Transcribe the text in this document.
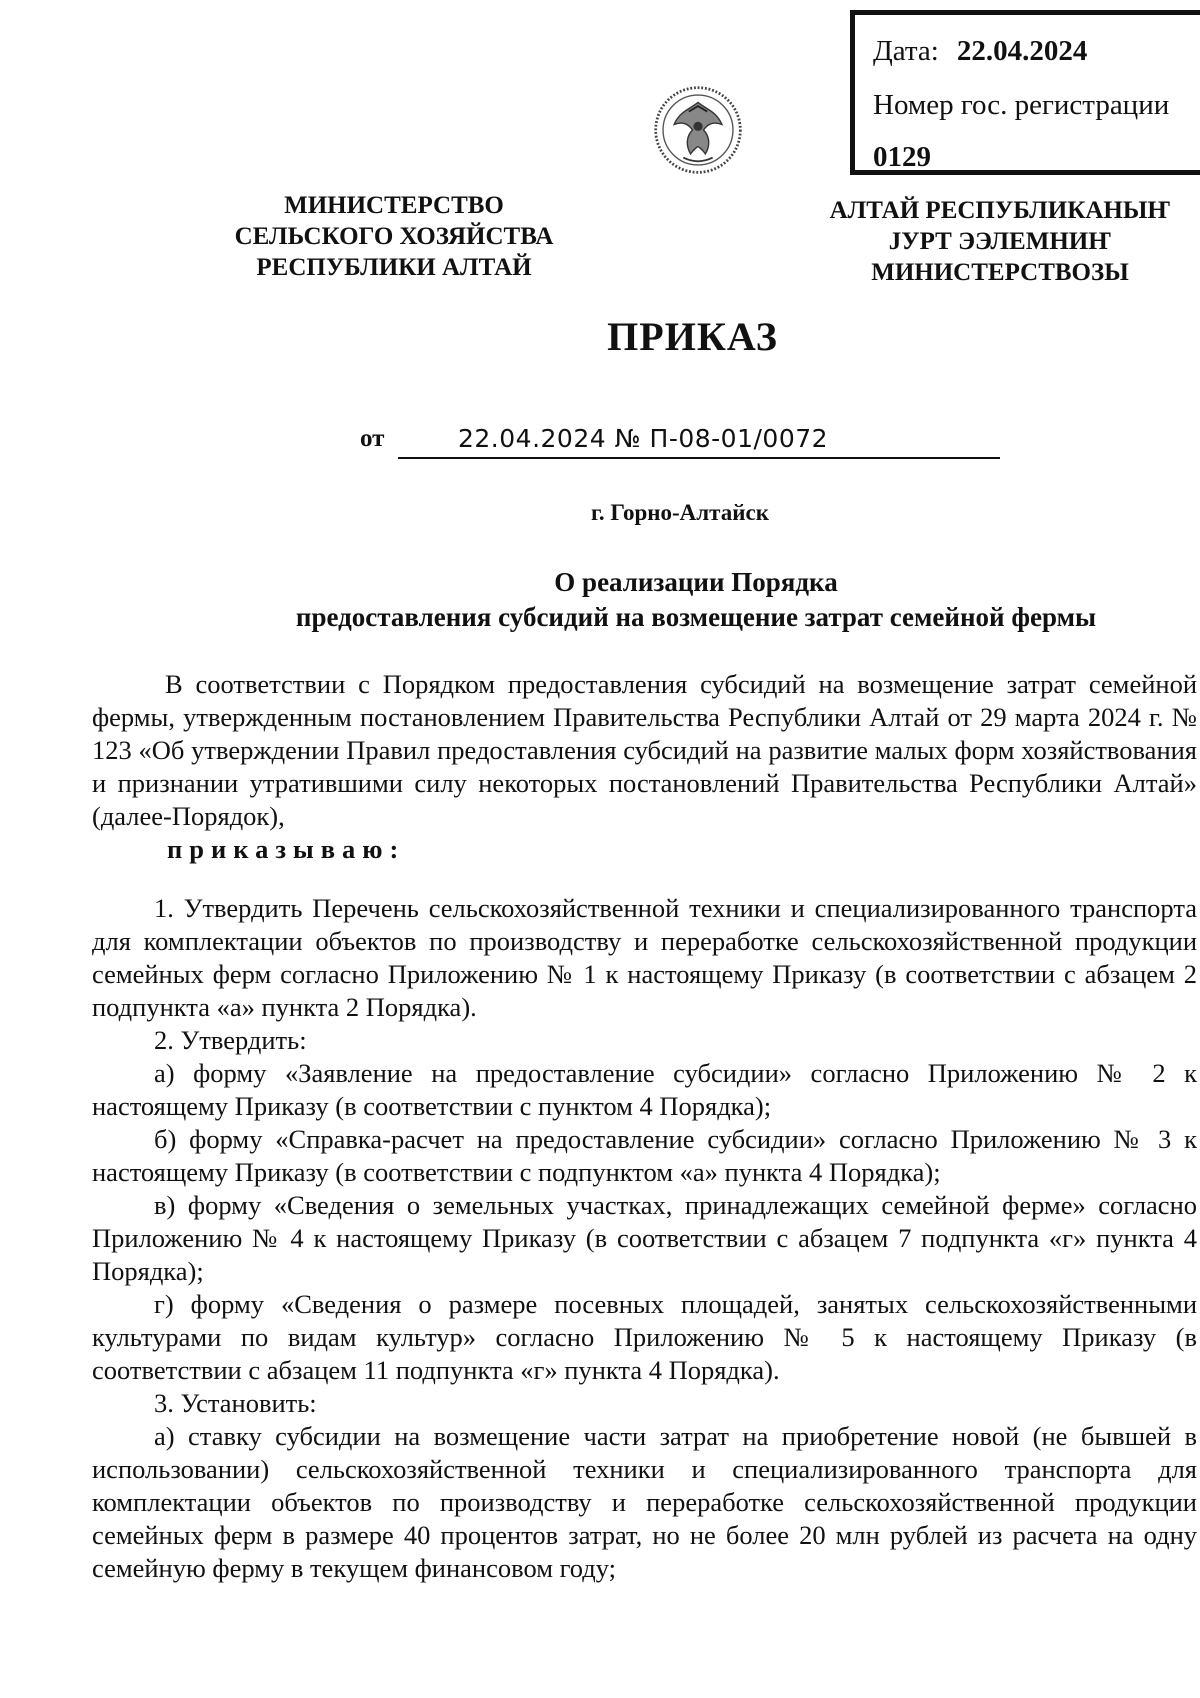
Дата: 22.04.2024
Номер гос. регистрации
0129
МИНИСТЕРСТВО
СЕЛЬСКОГО ХОЗЯЙСТВА
РЕСПУБЛИКИ АЛТАЙ
АЛТАЙ РЕСПУБЛИКАНЫҤ
ЈУРТ ЭЭЛЕМНИҤ
МИНИСТЕРСТВОЗЫ
ПРИКАЗ
от	22.04.2024 № П-08-01/0072
г. Горно-Алтайск
О реализации Порядка
предоставления субсидий на возмещение затрат семейной фермы

В соответствии с Порядком предоставления субсидий на возмещение затрат семейной фермы, утвержденным постановлением Правительства Республики Алтай от 29 марта 2024 г. № 123 «Об утверждении Правил предоставления субсидий на развитие малых форм хозяйствования и признании утратившими силу некоторых постановлений Правительства Республики Алтай» (далее-Порядок),

приказываю:

1. Утвердить Перечень сельскохозяйственной техники и специализированного транспорта для комплектации объектов по производству и переработке сельскохозяйственной продукции семейных ферм согласно Приложению № 1 к настоящему Приказу (в соответствии с абзацем 2 подпункта «а» пункта 2 Порядка).

2. Утвердить:

а) форму «Заявление на предоставление субсидии» согласно Приложению № 2 к настоящему Приказу (в соответствии с пунктом 4 Порядка);

б) форму «Справка-расчет на предоставление субсидии» согласно Приложению № 3 к настоящему Приказу (в соответствии с подпунктом «а» пункта 4 Порядка);

в) форму «Сведения о земельных участках, принадлежащих семейной ферме» согласно Приложению № 4 к настоящему Приказу (в соответствии с абзацем 7 подпункта «г» пункта 4 Порядка);

г) форму «Сведения о размере посевных площадей, занятых сельскохозяйственными культурами по видам культур» согласно Приложению № 5 к настоящему Приказу (в соответствии с абзацем 11 подпункта «г» пункта 4 Порядка).

3. Установить:

а) ставку субсидии на возмещение части затрат на приобретение новой (не бывшей в использовании) сельскохозяйственной техники и специализированного транспорта для комплектации объектов по производству и переработке сельскохозяйственной продукции семейных ферм в размере 40 процентов затрат, но не более 20 млн рублей из расчета на одну семейную ферму в текущем финансовом году;
